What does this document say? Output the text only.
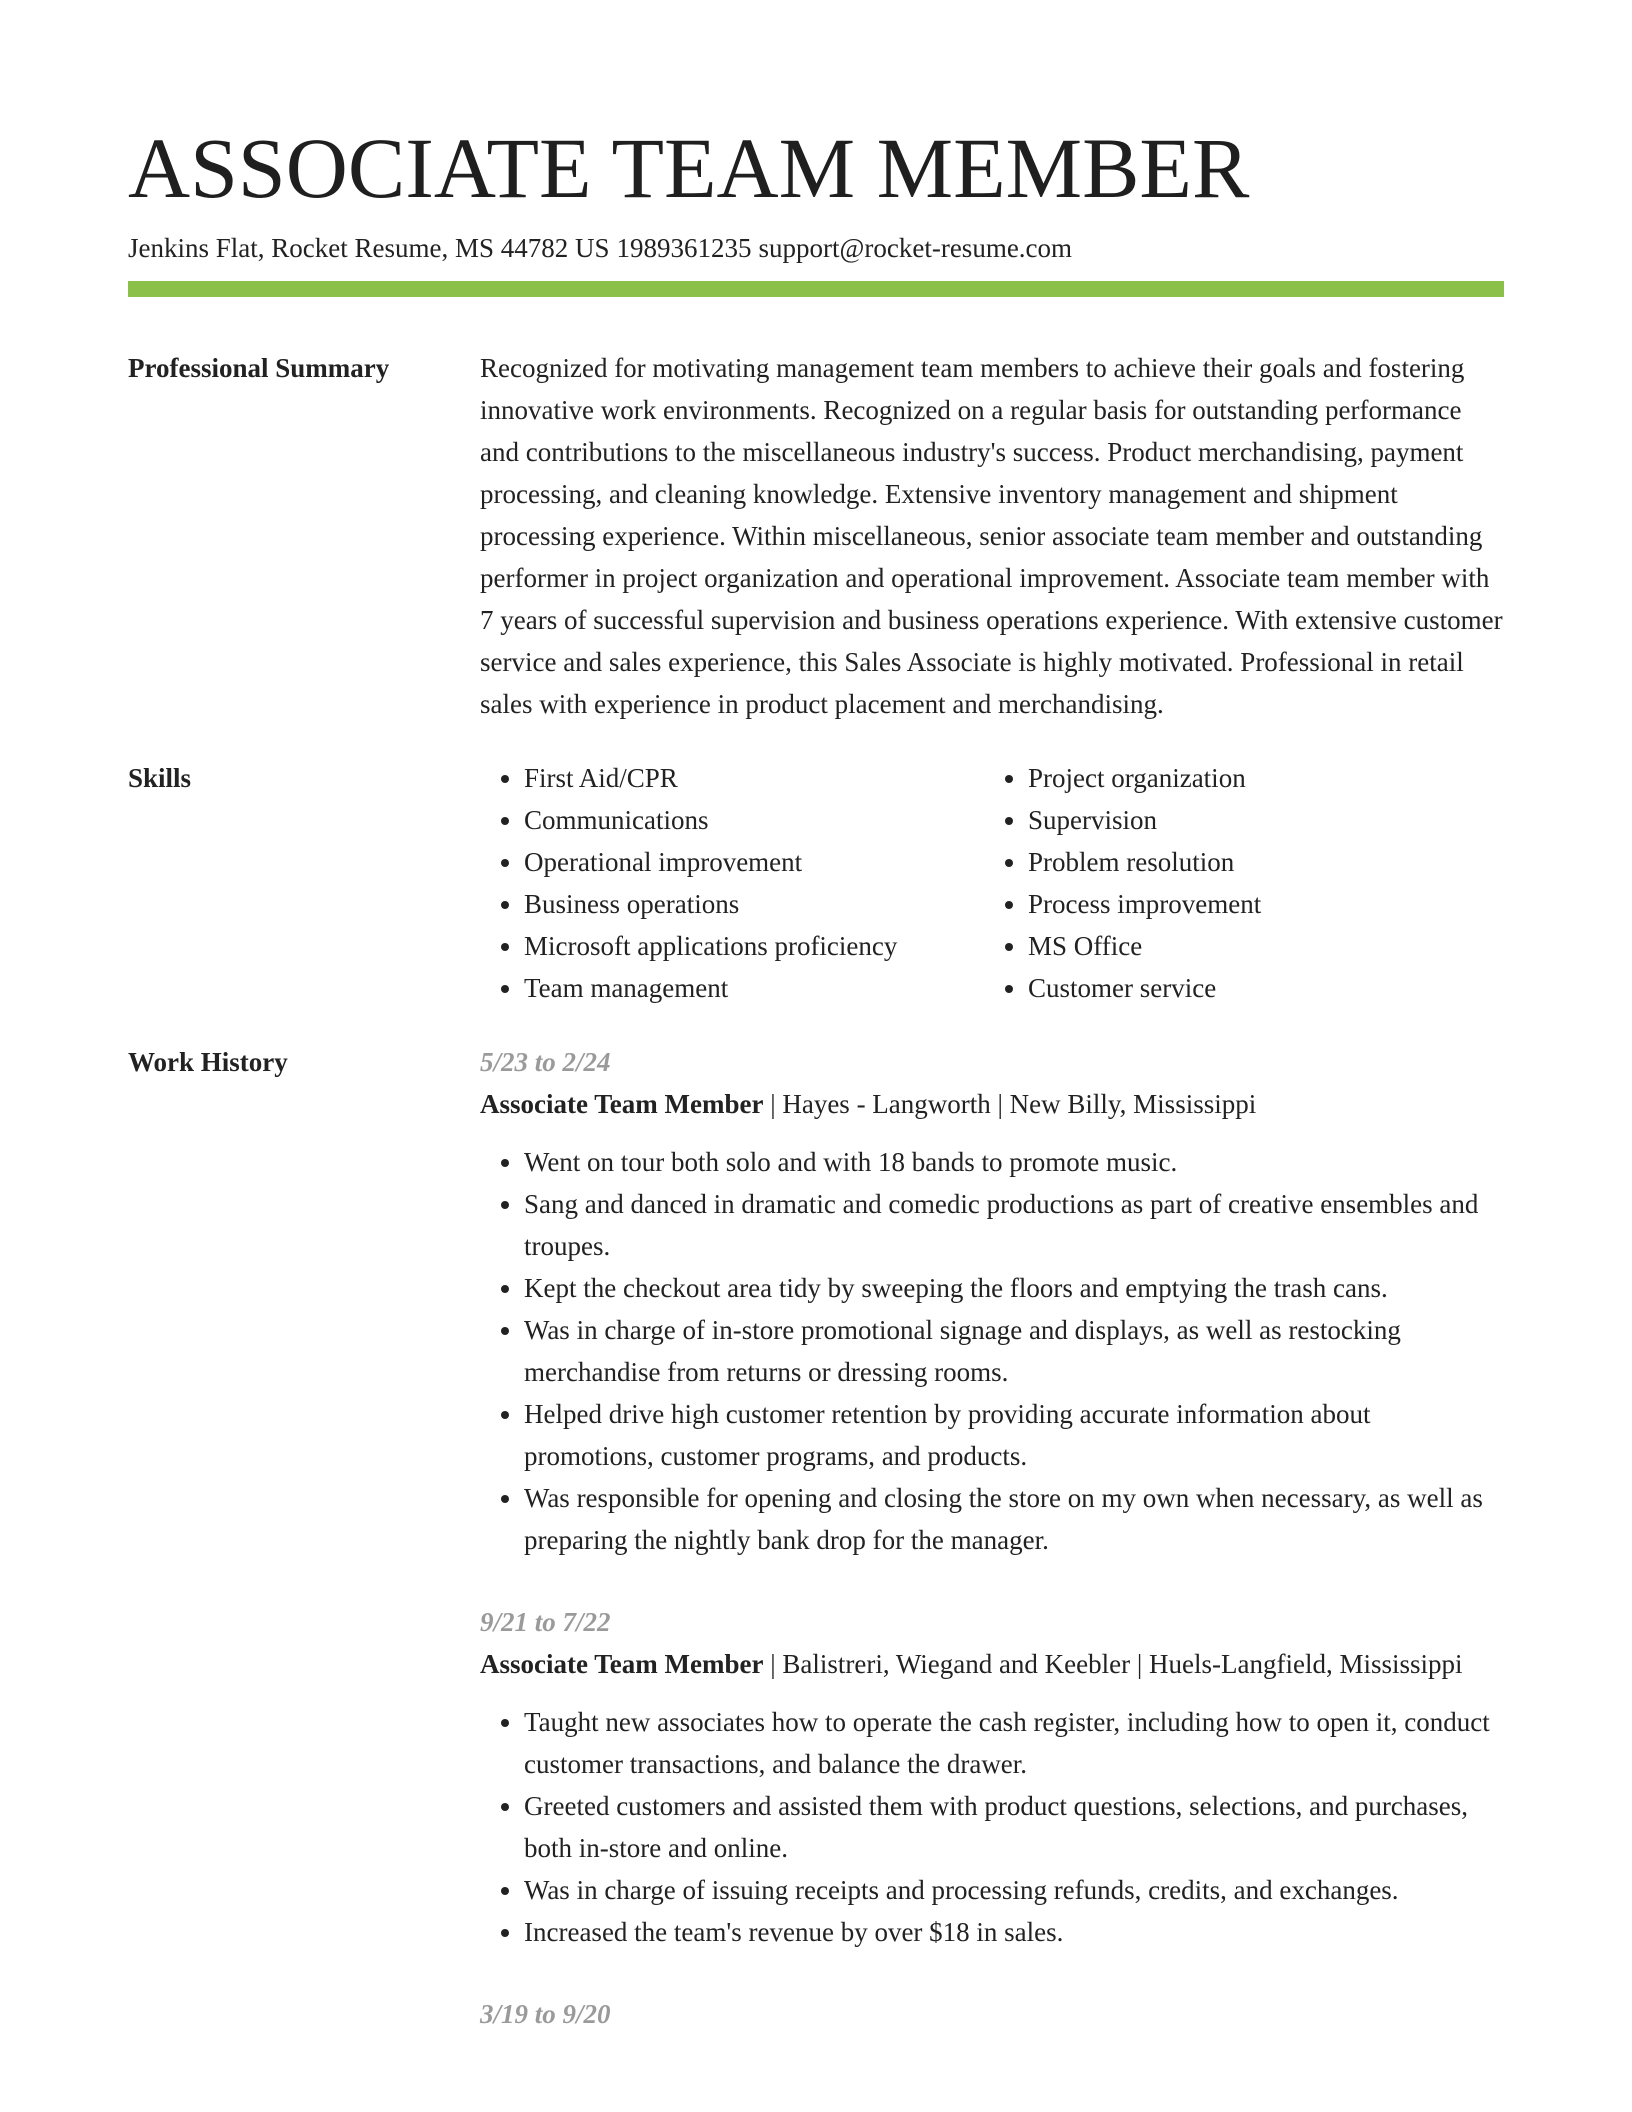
ASSOCIATE TEAM MEMBER
Jenkins Flat, Rocket Resume, MS 44782 US 1989361235 support@rocket-resume.com
Professional Summary	Recognized for motivating management team members to achieve their goals and fostering innovative work environments. Recognized on a regular basis for outstanding performance and contributions to the miscellaneous industry's success. Product merchandising, payment processing, and cleaning knowledge. Extensive inventory management and shipment processing experience. Within miscellaneous, senior associate team member and outstanding performer in project organization and operational improvement. Associate team member with 7 years of successful supervision and business operations experience. With extensive customer service and sales experience, this Sales Associate is highly motivated. Professional in retail sales with experience in product placement and merchandising.
Skills
•	First Aid/CPR
• Communications
• Operational improvement
• Business operations
• Microsoft applications proficiency
• Team management
• Project organization
• Supervision
• Problem resolution
• Process improvement
• MS Office
• Customer service
Work History	5/23 to 2/24
Associate Team Member | Hayes - Langworth | New Billy, Mississippi
• Went on tour both solo and with 18 bands to promote music.
• Sang and danced in dramatic and comedic productions as part of creative ensembles and troupes.
• Kept the checkout area tidy by sweeping the floors and emptying the trash cans.
• Was in charge of in-store promotional signage and displays, as well as restocking merchandise from returns or dressing rooms.
• Helped drive high customer retention by providing accurate information about promotions, customer programs, and products.
• Was responsible for opening and closing the store on my own when necessary, as well as preparing the nightly bank drop for the manager.
9/21 to 7/22
Associate Team Member | Balistreri, Wiegand and Keebler | Huels-Langfield, Mississippi
• Taught new associates how to operate the cash register, including how to open it, conduct customer transactions, and balance the drawer.
• Greeted customers and assisted them with product questions, selections, and purchases, both in-store and online.
• Was in charge of issuing receipts and processing refunds, credits, and exchanges.
• Increased the team's revenue by over $18 in sales.
3/19 to 9/20
